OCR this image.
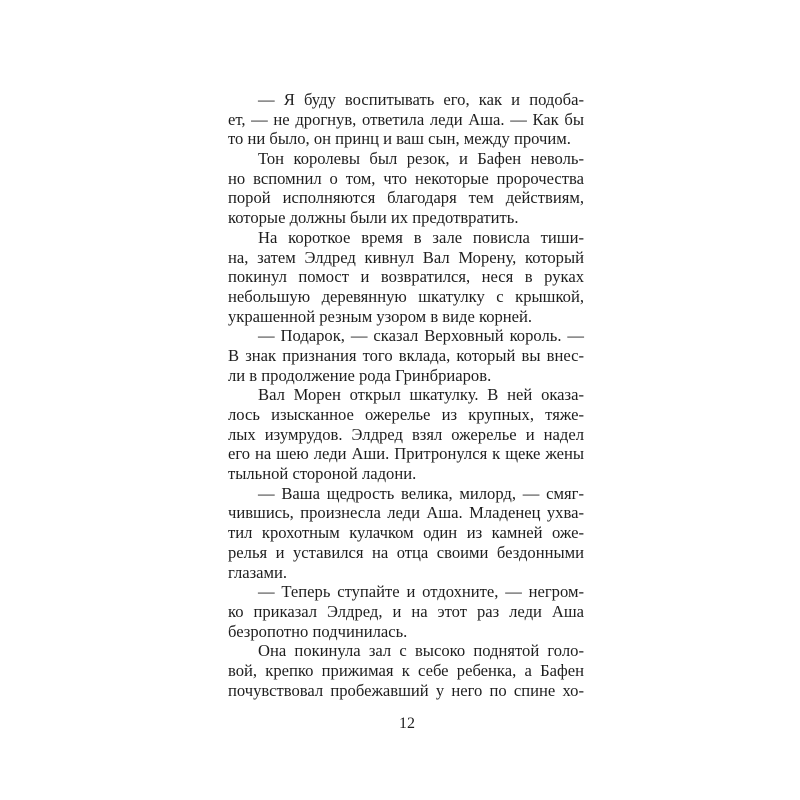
— Я буду воспитывать его, как и подоба-
ет, — не дрогнув, ответила леди Аша. — Как бы
то ни было, он принц и ваш сын, между прочим.
Тон королевы был резок, и Бафен неволь-
но вспомнил о том, что некоторые пророчества
порой исполняются благодаря тем действиям,
которые должны были их предотвратить.
На короткое время в зале повисла тиши-
на, затем Элдред кивнул Вал Морену, который
покинул помост и возвратился, неся в руках
небольшую деревянную шкатулку с крышкой,
украшенной резным узором в виде корней.
— Подарок, — сказал Верховный король. —
В знак признания того вклада, который вы внес-
ли в продолжение рода Гринбриаров.
Вал Морен открыл шкатулку. В ней оказа-
лось изысканное ожерелье из крупных, тяже-
лых изумрудов. Элдред взял ожерелье и надел
его на шею леди Аши. Притронулся к щеке жены
тыльной стороной ладони.
— Ваша щедрость велика, милорд, — смяг-
чившись, произнесла леди Аша. Младенец ухва-
тил крохотным кулачком один из камней оже-
релья и уставился на отца своими бездонными
глазами.
— Теперь ступайте и отдохните, — негром-
ко приказал Элдред, и на этот раз леди Аша
безропотно подчинилась.
Она покинула зал с высоко поднятой голо-
вой, крепко прижимая к себе ребенка, а Бафен
почувствовал пробежавший у него по спине хо-
12
